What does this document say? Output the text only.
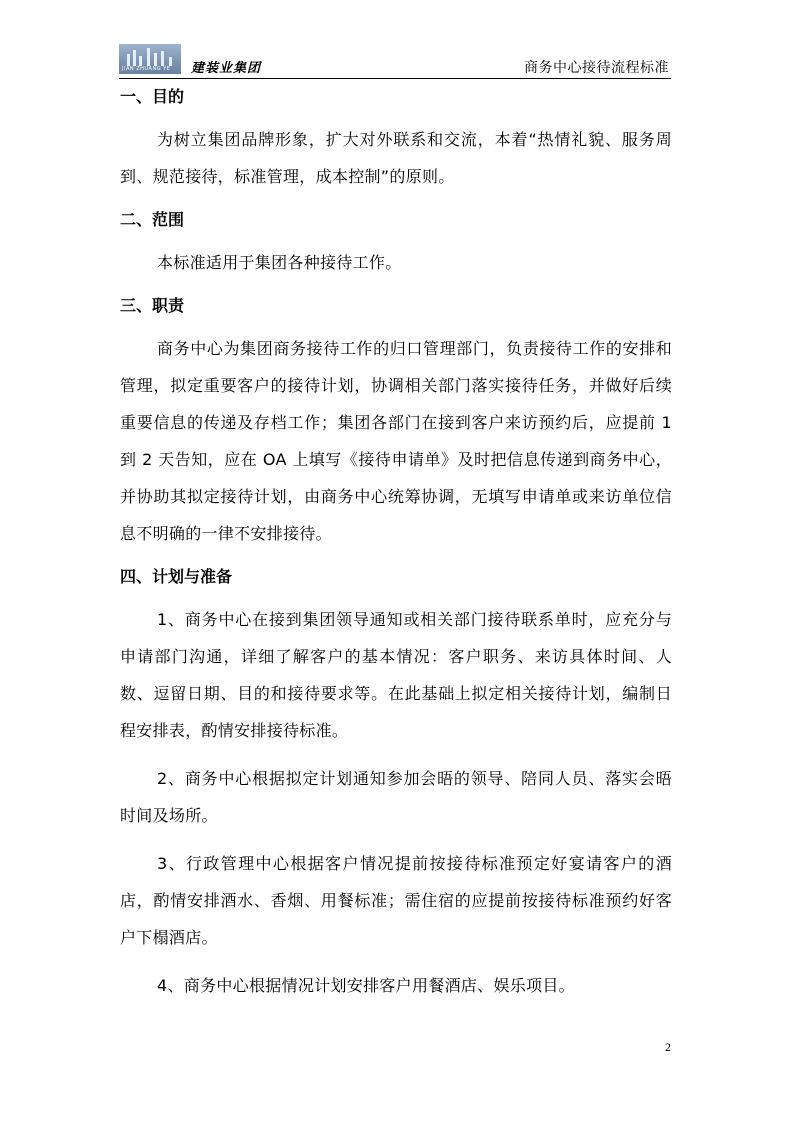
JIAN ZHUANG YE 建装业集团	商务中心接待流程标准

一、目的

为树立集团品牌形象，扩大对外联系和交流，本着“热情礼貌、服务周到、规范接待，标准管理，成本控制”的原则。

二、范围

本标准适用于集团各种接待工作。

三、职责

商务中心为集团商务接待工作的归口管理部门，负责接待工作的安排和管理，拟定重要客户的接待计划，协调相关部门落实接待任务，并做好后续重要信息的传递及存档工作；集团各部门在接到客户来访预约后，应提前 1 到 2 天告知，应在 OA 上填写《接待申请单》及时把信息传递到商务中心，并协助其拟定接待计划，由商务中心统筹协调，无填写申请单或来访单位信息不明确的一律不安排接待。

四、计划与准备

1、商务中心在接到集团领导通知或相关部门接待联系单时，应充分与申请部门沟通，详细了解客户的基本情况：客户职务、来访具体时间、人数、逗留日期、目的和接待要求等。在此基础上拟定相关接待计划，编制日程安排表，酌情安排接待标准。

2、商务中心根据拟定计划通知参加会晤的领导、陪同人员、落实会晤时间及场所。

3、行政管理中心根据客户情况提前按接待标准预定好宴请客户的酒店，酌情安排酒水、香烟、用餐标准；需住宿的应提前按接待标准预约好客户下榻酒店。

4、商务中心根据情况计划安排客户用餐酒店、娱乐项目。

2
